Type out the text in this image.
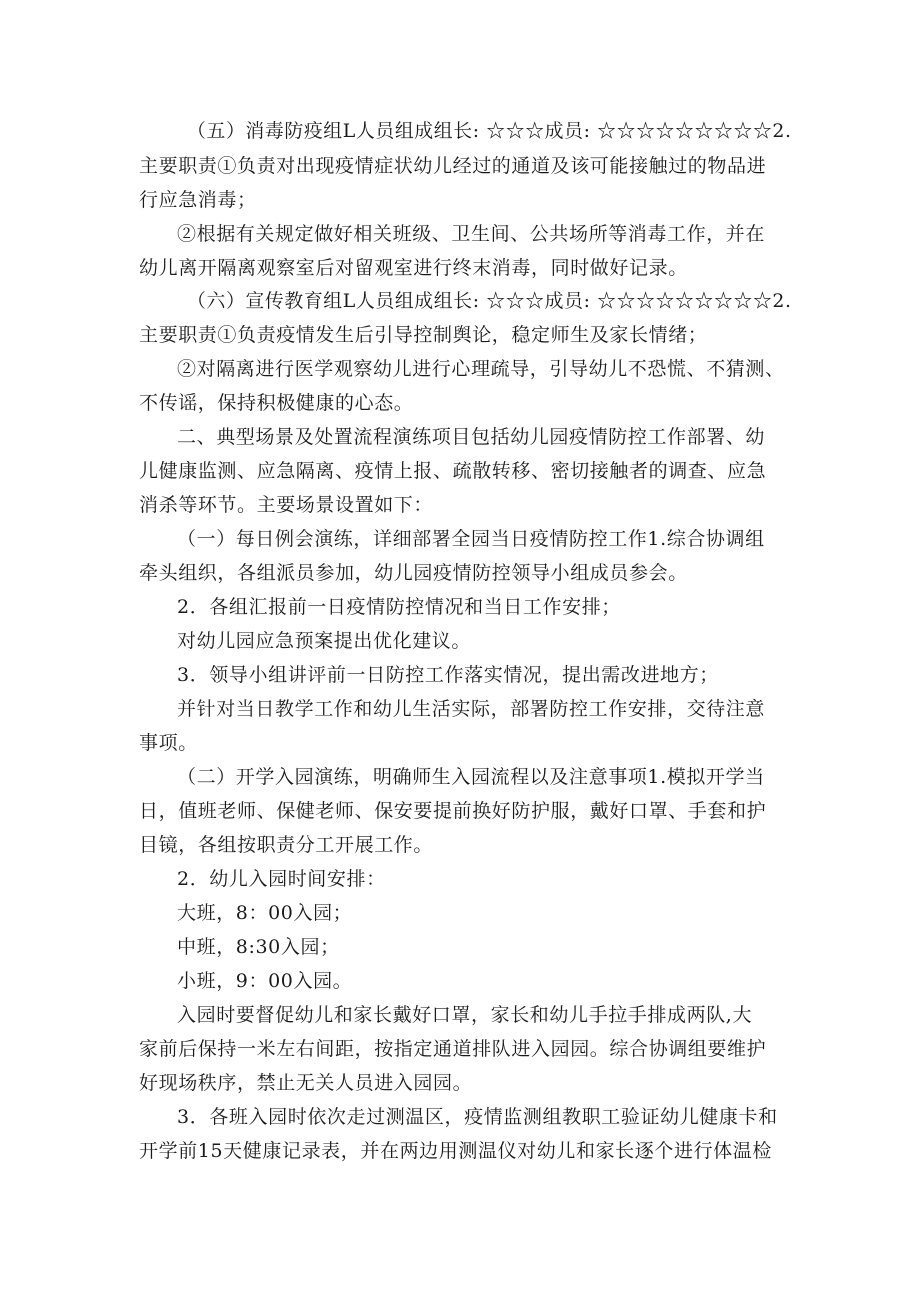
（五）消毒防疫组L人员组成组长: ☆☆☆成员: ☆☆☆☆☆☆☆☆☆2.
主要职责①负责对出现疫情症状幼儿经过的通道及该可能接触过的物品进
行应急消毒；
②根据有关规定做好相关班级、卫生间、公共场所等消毒工作，并在
幼儿离开隔离观察室后对留观室进行终末消毒，同时做好记录。
（六）宣传教育组L人员组成组长: ☆☆☆成员: ☆☆☆☆☆☆☆☆☆2.
主要职责①负责疫情发生后引导控制舆论，稳定师生及家长情绪；
②对隔离进行医学观察幼儿进行心理疏导，引导幼儿不恐慌、不猜测、
不传谣，保持积极健康的心态。
二、典型场景及处置流程演练项目包括幼儿园疫情防控工作部署、幼
儿健康监测、应急隔离、疫情上报、疏散转移、密切接触者的调查、应急
消杀等环节。主要场景设置如下：
（一）每日例会演练，详细部署全园当日疫情防控工作1.综合协调组
牵头组织，各组派员参加，幼儿园疫情防控领导小组成员参会。
2．各组汇报前一日疫情防控情况和当日工作安排；
对幼儿园应急预案提出优化建议。
3．领导小组讲评前一日防控工作落实情况，提出需改进地方；
并针对当日教学工作和幼儿生活实际，部署防控工作安排，交待注意
事项。
（二）开学入园演练，明确师生入园流程以及注意事项1.模拟开学当
日，值班老师、保健老师、保安要提前换好防护服，戴好口罩、手套和护
目镜，各组按职责分工开展工作。
2．幼儿入园时间安排：
大班，8：00入园；
中班，8:30入园；
小班，9：00入园。
入园时要督促幼儿和家长戴好口罩，家长和幼儿手拉手排成两队,大
家前后保持一米左右间距，按指定通道排队进入园园。综合协调组要维护
好现场秩序，禁止无关人员进入园园。
3．各班入园时依次走过测温区，疫情监测组教职工验证幼儿健康卡和
开学前15天健康记录表，并在两边用测温仪对幼儿和家长逐个进行体温检
